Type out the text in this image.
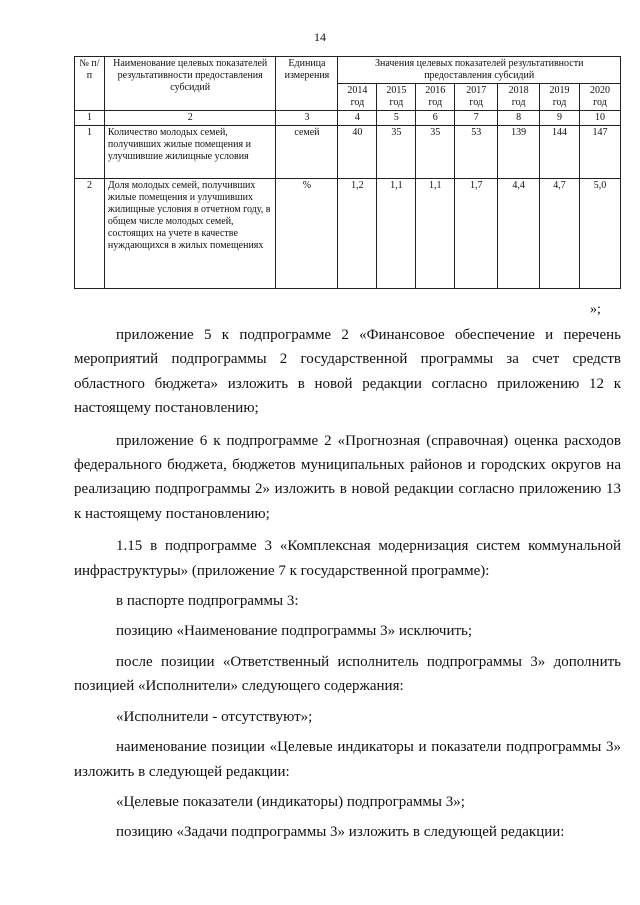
14
№ п/п	Наименование целевых показателей результативности предоставления субсидий	Единица измерения	Значения целевых показателей результативности предоставления субсидий						
			2014 год	2015 год	2016 год	2017 год	2018 год	2019 год	2020 год
1	2	3	4	5	6	7	8	9	10
1	Количество молодых семей, получивших жилые помещения и улучшившие жилищные условия	семей	40	35	35	53	139	144	147
2	Доля молодых семей, получивших жилые помещения и улучшивших жилищные условия в отчетном году, в общем числе молодых семей, состоящих на учете в качестве нуждающихся в жилых помещениях	%	1,2	1,1	1,1	1,7	4,4	4,7	5,0
»;

приложение 5 к подпрограмме 2 «Финансовое обеспечение и перечень мероприятий подпрограммы 2 государственной программы за счет средств областного бюджета» изложить в новой редакции согласно приложению 12 к настоящему постановлению;

приложение 6 к подпрограмме 2 «Прогнозная (справочная) оценка расходов федерального бюджета, бюджетов муниципальных районов и городских округов на реализацию подпрограммы 2» изложить в новой редакции согласно приложению 13 к настоящему постановлению;

1.15 в подпрограмме 3 «Комплексная модернизация систем коммунальной инфраструктуры» (приложение 7 к государственной программе):

в паспорте подпрограммы 3:

позицию «Наименование подпрограммы 3» исключить;

после позиции «Ответственный исполнитель подпрограммы 3» дополнить позицией «Исполнители» следующего содержания:

«Исполнители - отсутствуют»;

наименование позиции «Целевые индикаторы и показатели подпрограммы 3» изложить в следующей редакции:

«Целевые показатели (индикаторы) подпрограммы 3»;

позицию «Задачи подпрограммы 3» изложить в следующей редакции:
